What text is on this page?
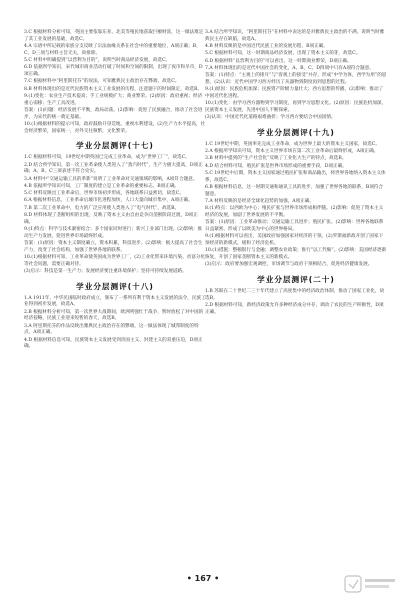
3.C 根据材料分析可知，英国主要依靠东亚、北美等殖民地获取巨额财富，这一做法奠定了其工业发展的基础，故选C。

4.A 宗谱中所记载的家族分支反映了宗法血缘关系在社会中的重要地位，A项正确；B、C、D三项与材料主旨无关，故排除。

5.C 材料中明确提到“以营利为目的”，说明当时商品经济发展，故选C。

6.D 依据所学知识，宋代城市商业活动打破了时间和空间的限制，出现了夜市和早市，D项正确。

7.C 根据材料中“阿里斯托芬”的说法，可知雅典民主政治存在弊端，故选C。

8.B 材料体现出的是近代民族资本主义工业发展的历程，注意题干的时间限定，故选B。

9.(1)变化：农业生产技术提高；手工业规模扩大；商业繁荣。(2)原因：政府重视；经济重心南移；生产工具改进。

答案：(1)问题：经济发展不平衡，政局动荡。(2)影响：促进了民族融合，推动了社会进步，为宋代的统一奠定基础。

10.(1)根据材料的提示可知，政府鼓励开垦荒地，重视水利建设。(2)生产力水平提高，社会经济繁荣，国家统一，对外交往频繁，文化繁荣。

学业分层测评(十七)

1.C 根据材料可知，19世纪中期英国已完成工业革命，成为“世界工厂”，故选C。

2.D 结合所学知识，第一次工业革命使人类进入了“蒸汽时代”，生产力极大提高，D项正确；A、B、C三项表述不符合史实。

3.A 材料中“交通运输工具的革新”说明了工业革命对交通领域的影响，A项符合题意。

4.B 依据所学知识可知，工厂制度的建立是工业革命的重要标志，B项正确。

5.C 材料反映出工业革命后，世界市场初步形成，各地联系日益密切，故选C。

6.A 根据材料信息，工业革命后城市化进程加快，人口大量向城市集中，A项正确。

7.B 第二次工业革命中，电力的广泛应用使人类进入了“电气时代”，故选B。

8.D 材料体现了垄断组织的出现，反映了资本主义由自由竞争向垄断阶段过渡，D项正确。

9.(1)特点：科学与技术紧密结合；多个国家同时进行；新兴工业部门出现。(2)影响：推动生产力发展，促进世界市场最终形成。

答案：(1)原因：资本主义制度确立，资本积累，科技进步。(2)影响：极大提高了社会生产力，改变了社会结构，加强了世界各地的联系。

10.(1)根据材料可知，工业革命使英国成为世界工厂，(2)工业化带来环境污染、贫富分化等社会问题，需要正确对待。

(3)启示：科技是第一生产力；发展经济要注重环境保护；坚持可持续发展道路。

学业分层测评(十八)

1.A 1911年，中华民国临时政府成立，颁布了一系列有利于资本主义发展的法令，民族工业得到初步发展，故选A。

2.B 根据材料分析可知，第一次世界大战期间，欧洲列强忙于战争，暂时放松了对中国的经济侵略，民族工业迎来短暂的春天，故选B。

3.A 阿里斯托芬的作品反映出雅典民主政治存在的弊端，这一做法体现了城邦制度的特点，A项正确。

4.D 根据材料信息可知，民族资本主义发展受到帝国主义、封建主义的双重压迫，D项正确。

3.A 结合所学知识，“阿里斯托芬”在材料中表达的是对雅典民主政治的不满，说明当时雅典民主存在缺陷，故选A。

4.B 材料反映的是中国近代民族工业的发展历程，B项正确。

5.C 根据材料可知，这一时期商品经济发展，出现了资本主义萌芽，故选C。

6.D 根据材料“以营利为目的”可以看出，这一时期商业繁荣，D项正确。

7.A 材料体现出的是近代中国社会的变化，A、B、C、D四项中只有A项符合题意。

答案：(1)特点：“主观上的排斥”与“客观上的接受”并存，形成“中学为体，西学为用”的思想。(2)认识：近代中国学习西方经历了从器物到制度再到思想的过程。

9.(1)原因：民族危机加深；民族资产阶级力量壮大；西方思想的传播。(2)影响：推动了中国近代化进程。

10.(1)变化：由学习西方器物到学习制度，再到学习思想文化。(2)原因：民族危机加深，民族资本主义发展，先进中国人不断探索。

(3)认识：中国近代化道路艰难曲折；学习西方要结合中国国情。

学业分层测评(十九)

1.C 19世纪中期，英国率先完成工业革命，成为世界上最大的资本主义国家，故选C。

2.A 根据所学知识可知，资本主义世界市场在第二次工业革命后最终形成，A项正确。

3.B 材料中提到的“生产社会化”反映了工业化大生产的特点，故选B。

4.D 结合材料可知，殖民扩张是世界市场形成的重要手段，D项正确。

5.C 19世纪中后期，资本主义国家通过殖民扩张和商品输出，将世界各地纳入资本主义体系，故选C。

6.B 根据材料信息，这一时期交通和通讯工具的进步，加强了世界各地的联系，B项符合题意。

7.A 材料反映的是经济全球化趋势的加强，A项正确。

8.(1)特点：以西欧为中心；殖民扩张与世界市场形成相伴随。(2)影响：促进了资本主义经济的发展，加剧了世界发展的不平衡。

答案：(1)原因：工业革命推动；交通运输工具进步；殖民扩张。(2)影响：世界各地联系日益紧密，形成了以欧美为中心的世界格局。

9.(1)根据材料可以看出，美国政府加强国家对经济的干预。(2)罗斯福新政开创了国家干预经济的新模式，缓和了经济危机。

10.(1)措施：整顿银行与金融；调整农业政策；推行“以工代赈”。(2)影响：美国经济逐渐恢复，开创了国家垄断资本主义的新模式。

(3)启示：政府要加强宏观调控，市场调节与政府干预相结合，促进经济健康发展。

学业分层测评(二十)

1.B 苏联在二十世纪二三十年代建立了高度集中的经济政治体制，推动了国家工业化，故选B。

2.D 根据材料可知，新经济政策允许多种经济成分并存，调动了农民的生产积极性，D项正确。

• 167 •
